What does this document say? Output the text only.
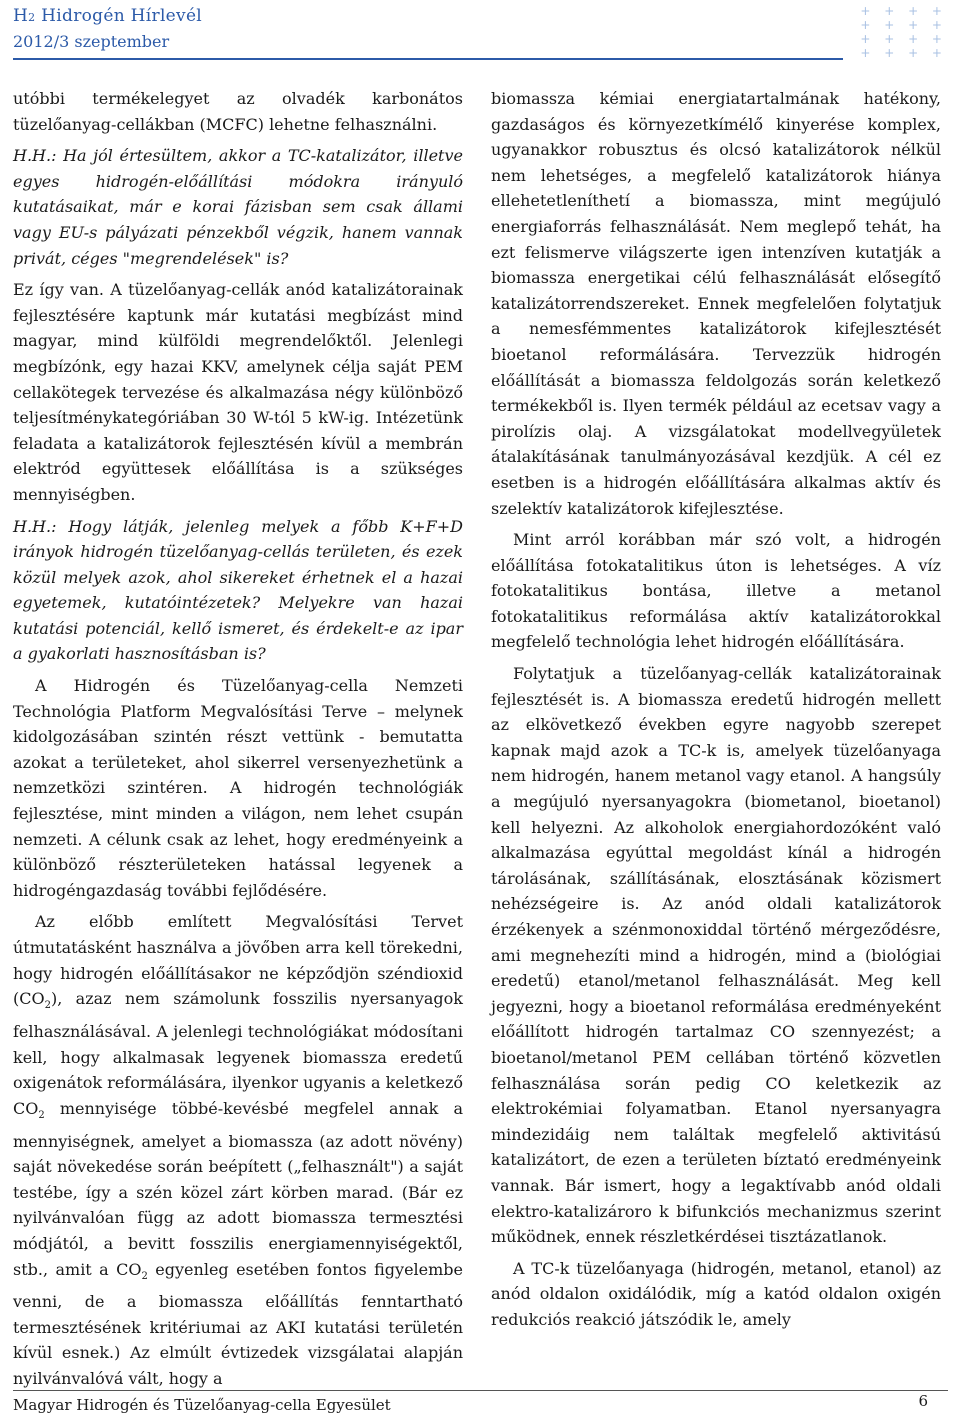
H2 Hidrogén Hírlevél
2012/3 szeptember
+ + + +
+ + + +
+ + + +
+ + + +

utóbbi termékelegyet az olvadék karbonátos tüzelőanyag-cellákban (MCFC) lehetne felhasználni.

H.H.: Ha jól értesültem, akkor a TC-katalizátor, illetve egyes hidrogén-előállítási módokra irányuló kutatásaikat, már e korai fázisban sem csak állami vagy EU-s pályázati pénzekből végzik, hanem vannak privát, céges "megrendelések" is?

Ez így van. A tüzelőanyag-cellák anód katalizátorainak fejlesztésére kaptunk már kutatási megbízást mind magyar, mind külföldi megrendelőktől. Jelenlegi megbízónk, egy hazai KKV, amelynek célja saját PEM cellakötegek tervezése és alkalmazása négy különböző teljesítménykategóriában 30 W-tól 5 kW-ig. Intézetünk feladata a katalizátorok fejlesztésén kívül a membrán elektród együttesek előállítása is a szükséges mennyiségben.

H.H.: Hogy látják, jelenleg melyek a főbb K+F+D irányok hidrogén tüzelőanyag-cellás területen, és ezek közül melyek azok, ahol sikereket érhetnek el a hazai egyetemek, kutatóintézetek? Melyekre van hazai kutatási potenciál, kellő ismeret, és érdekelt-e az ipar a gyakorlati hasznosításban is?

A Hidrogén és Tüzelőanyag-cella Nemzeti Technológia Platform Megvalósítási Terve – melynek kidolgozásában szintén részt vettünk - bemutatta azokat a területeket, ahol sikerrel versenyezhetünk a nemzetközi szintéren. A hidrogén technológiák fejlesztése, mint minden a világon, nem lehet csupán nemzeti. A célunk csak az lehet, hogy eredményeink a különböző részterületeken hatással legyenek a hidrogéngazdaság további fejlődésére.

Az előbb említett Megvalósítási Tervet útmutatásként használva a jövőben arra kell törekedni, hogy hidrogén előállításakor ne képződjön széndioxid $(CO_2)$, azaz nem számolunk fosszilis nyersanyagok felhasználásával. A jelenlegi technológiákat módosítani kell, hogy alkalmasak legyenek biomassza eredetű oxigenátok reformálására, ilyenkor ugyanis a keletkező $CO_2$ mennyisége többé-kevésbé megfelel annak a mennyiségnek, amelyet a biomassza (az adott növény) saját növekedése során beépített („felhasznált") a saját testébe, így a szén közel zárt körben marad. (Bár ez nyilvánvalóan függ az adott biomassza termesztési módjától, a bevitt fosszilis energiamennyiségektől, stb., amit a $CO_2$ egyenleg esetében fontos figyelembe venni, de a biomassza előállítás fenntartható termesztésének kritériumai az AKI kutatási területén kívül esnek.) Az elmúlt évtizedek vizsgálatai alapján nyilvánvalóvá vált, hogy a

biomassza kémiai energiatartalmának hatékony, gazdaságos és környezetkímélő kinyerése komplex, ugyanakkor robusztus és olcsó katalizátorok nélkül nem lehetséges, a megfelelő katalizátorok hiánya ellehetetleníthetí a biomassza, mint megújuló energiaforrás felhasználását. Nem meglepő tehát, ha ezt felismerve világszerte igen intenzíven kutatják a biomassza energetikai célú felhasználását elősegítő katalizátorrendszereket. Ennek megfelelően folytatjuk a nemesfémmentes katalizátorok kifejlesztését bioetanol reformálására. Tervezzük hidrogén előállítását a biomassza feldolgozás során keletkező termékekből is. Ilyen termék például az ecetsav vagy a pirolízis olaj. A vizsgálatokat modellvegyületek átalakításának tanulmányozásával kezdjük. A cél ez esetben is a hidrogén előállítására alkalmas aktív és szelektív katalizátorok kifejlesztése.

Mint arról korábban már szó volt, a hidrogén előállítása fotokatalitikus úton is lehetséges. A víz fotokatalitikus bontása, illetve a metanol fotokatalitikus reformálása aktív katalizátorokkal megfelelő technológia lehet hidrogén előállítására.

Folytatjuk a tüzelőanyag-cellák katalizátorainak fejlesztését is. A biomassza eredetű hidrogén mellett az elkövetkező években egyre nagyobb szerepet kapnak majd azok a TC-k is, amelyek tüzelőanyaga nem hidrogén, hanem metanol vagy etanol. A hangsúly a megújuló nyersanyagokra (biometanol, bioetanol) kell helyezni. Az alkoholok energiahordozóként való alkalmazása egyúttal megoldást kínál a hidrogén tárolásának, szállításának, elosztásának közismert nehézségeire is. Az anód oldali katalizátorok érzékenyek a szénmonoxiddal történő mérgeződésre, ami megnehezíti mind a hidrogén, mind a (biológiai eredetű) etanol/metanol felhasználását. Meg kell jegyezni, hogy a bioetanol reformálása eredményeként előállított hidrogén tartalmaz CO szennyezést; a bioetanol/metanol PEM cellában történő közvetlen felhasználása során pedig CO keletkezik az elektrokémiai folyamatban. Etanol nyersanyagra mindezidáig nem találtak megfelelő aktivitású katalizátort, de ezen a területen bíztató eredményeink vannak. Bár ismert, hogy a legaktívabb anód oldali elektro-katalizároro k bifunkciós mechanizmus szerint működnek, ennek részletkérdései tisztázatlanok.

A TC-k tüzelőanyaga (hidrogén, metanol, etanol) az anód oldalon oxidálódik, míg a katód oldalon oxigén redukciós reakció játszódik le, amely

Magyar Hidrogén és Tüzelőanyag-cella Egyesület	6
